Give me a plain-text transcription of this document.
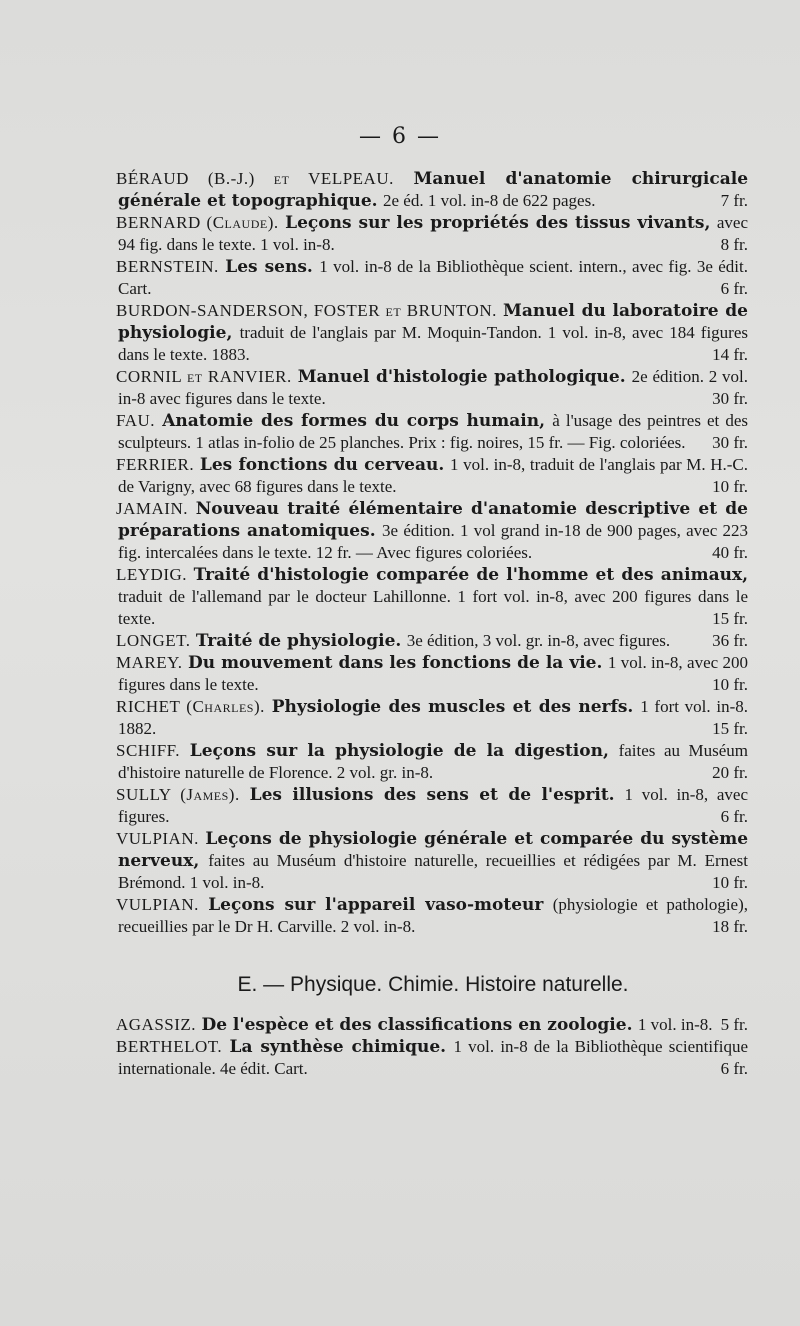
— 6 —

BÉRAUD (B.-J.) et VELPEAU. Manuel d'anatomie chirurgicale générale et topographique. 2e éd. 1 vol. in-8 de 622 pages.	7 fr.

BERNARD (Claude). Leçons sur les propriétés des tissus vivants, avec 94 fig. dans le texte. 1 vol. in-8.	8 fr.

BERNSTEIN. Les sens. 1 vol. in-8 de la Bibliothèque scient. intern., avec fig. 3e édit. Cart.	6 fr.

BURDON-SANDERSON, FOSTER et BRUNTON. Manuel du laboratoire de physiologie, traduit de l'anglais par M. Moquin-Tandon. 1 vol. in-8, avec 184 figures dans le texte. 1883.	14 fr.

CORNIL et RANVIER. Manuel d'histologie pathologique. 2e édition. 2 vol. in-8 avec figures dans le texte.	30 fr.

FAU. Anatomie des formes du corps humain, à l'usage des peintres et des sculpteurs. 1 atlas in-folio de 25 planches. Prix : fig. noires, 15 fr. — Fig. coloriées. 30 fr.

FERRIER. Les fonctions du cerveau. 1 vol. in-8, traduit de l'anglais par M. H.-C. de Varigny, avec 68 figures dans le texte.	10 fr.

JAMAIN. Nouveau traité élémentaire d'anatomie descriptive et de préparations anatomiques. 3e édition. 1 vol grand in-18 de 900 pages, avec 223 fig. intercalées dans le texte. 12 fr. — Avec figures coloriées.	40 fr.

LEYDIG. Traité d'histologie comparée de l'homme et des animaux, traduit de l'allemand par le docteur Lahillonne. 1 fort vol. in-8, avec 200 figures dans le texte.	15 fr.

LONGET. Traité de physiologie. 3e édition, 3 vol. gr. in-8, avec figures. 36 fr.

MAREY. Du mouvement dans les fonctions de la vie. 1 vol. in-8, avec 200 figures dans le texte.	10 fr.

RICHET (Charles). Physiologie des muscles et des nerfs. 1 fort vol. in-8. 1882.	15 fr.

SCHIFF. Leçons sur la physiologie de la digestion, faites au Muséum d'histoire naturelle de Florence. 2 vol. gr. in-8.	20 fr.

SULLY (James). Les illusions des sens et de l'esprit. 1 vol. in-8, avec figures.	6 fr.

VULPIAN. Leçons de physiologie générale et comparée du système nerveux, faites au Muséum d'histoire naturelle, recueillies et rédigées par M. Ernest Brémond. 1 vol. in-8.	10 fr.

VULPIAN. Leçons sur l'appareil vaso-moteur (physiologie et pathologie), recueillies par le Dr H. Carville. 2 vol. in-8.	18 fr.

E. — Physique. Chimie. Histoire naturelle.

AGASSIZ. De l'espèce et des classifications en zoologie. 1 vol. in-8. 5 fr.

BERTHELOT. La synthèse chimique. 1 vol. in-8 de la Bibliothèque scientifique internationale. 4e édit. Cart.	6 fr.
